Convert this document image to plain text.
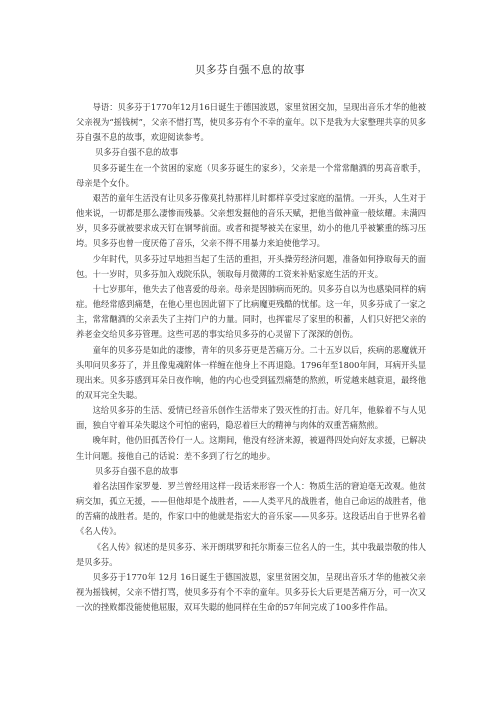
贝多芬自强不息的故事

导语：贝多芬于1770年12月16日诞生于德国波恩，家里贫困交加，呈现出音乐才华的他被父亲视为“摇钱树”，父亲不惜打骂，使贝多芬有个不幸的童年。以下是我为大家整理共享的贝多芬自强不息的故事，欢迎阅读参考。

贝多芬自强不息的故事

贝多芬诞生在一个贫困的家庭（贝多芬诞生的家乡），父亲是一个常常酗酒的男高音歌手，母亲是个女仆。

艰苦的童年生活没有让贝多芬像莫扎特那样儿时都样享受过家庭的温情。一开头，人生对于他来说，一切都是那么凄惨而残暴。父亲想发掘他的音乐天赋，把他当做神童一般炫耀。未满四岁，贝多芬就被要求成天钉在钢琴前面。或者和提琴被关在家里，幼小的他几乎被繁重的练习压垮。贝多芬也曾一度厌倦了音乐，父亲不得不用暴力来迫使他学习。

少年时代，贝多芬过早地担当起了生活的重担，开头操劳经济问题，准备如何挣取每天的面包。十一岁时，贝多芬加入戏院乐队，领取每月微薄的工资来补贴家庭生活的开支。

十七岁那年，他失去了他喜爱的母亲。母亲是因肺病而死的。贝多芬自以为也感染同样的病症。他经常感到痛楚，在他心里也因此留下了比病魔更残酷的忧郁。这一年，贝多芬成了一家之主，常常酗酒的父亲丢失了主持门户的力量。同时，也挥霍尽了家里的积蓄，人们只好把父亲的养老金交给贝多芬管理。这些可恶的事实给贝多芬的心灵留下了深深的创伤。

童年的贝多芬是如此的凄惨，青年的贝多芬更是苦痛万分。二十五岁以后，疾病的恶魔就开头叩问贝多芬了，并且像鬼魂附体一样缠在他身上不再退隐。1796年至1800年间，耳病开头显现出来。贝多芬感到耳朵日夜作响，他的内心也受到猛烈痛楚的熬煎，听觉越来越衰退，最终他的双耳完全失聪。

这给贝多芬的生活、爱情已经音乐创作生活带来了毁灭性的打击。好几年，他躲着不与人见面，独自守着耳朵失聪这个可怕的密码，隐忍着巨大的精神与肉体的双重苦痛熬煎。

晚年时，他仍旧孤苦伶仃一人。这期间，他没有经济来源，被逼得四处向好友求援，已解决生计问题。接他自己的话说：差不多到了行乞的地步。

贝多芬自强不息的故事

着名法国作家罗曼．罗兰曾经用这样一段话来形容一个人：物质生活的窘迫毫无改观。他贫病交加，孤立无援，——但他却是个战胜者，——人类平凡的战胜者，他自己命运的战胜者，他的苦痛的战胜者。是的，作家口中的他就是指宏大的音乐家——贝多芬。这段话出自于世界名着《名人传》。

《名人传》叙述的是贝多芬、米开朗琪罗和托尔斯泰三位名人的一生，其中我最崇敬的伟人是贝多芬。

贝多芬于1770年 12月 16日诞生于德国波恩，家里贫困交加，呈现出音乐才华的他被父亲视为摇钱树，父亲不惜打骂，使贝多芬有个不幸的童年。贝多芬长大后更是苦痛万分，可一次又一次的挫败都没能使他屈服，双耳失聪的他同样在生命的57年间完成了100多件作品。
